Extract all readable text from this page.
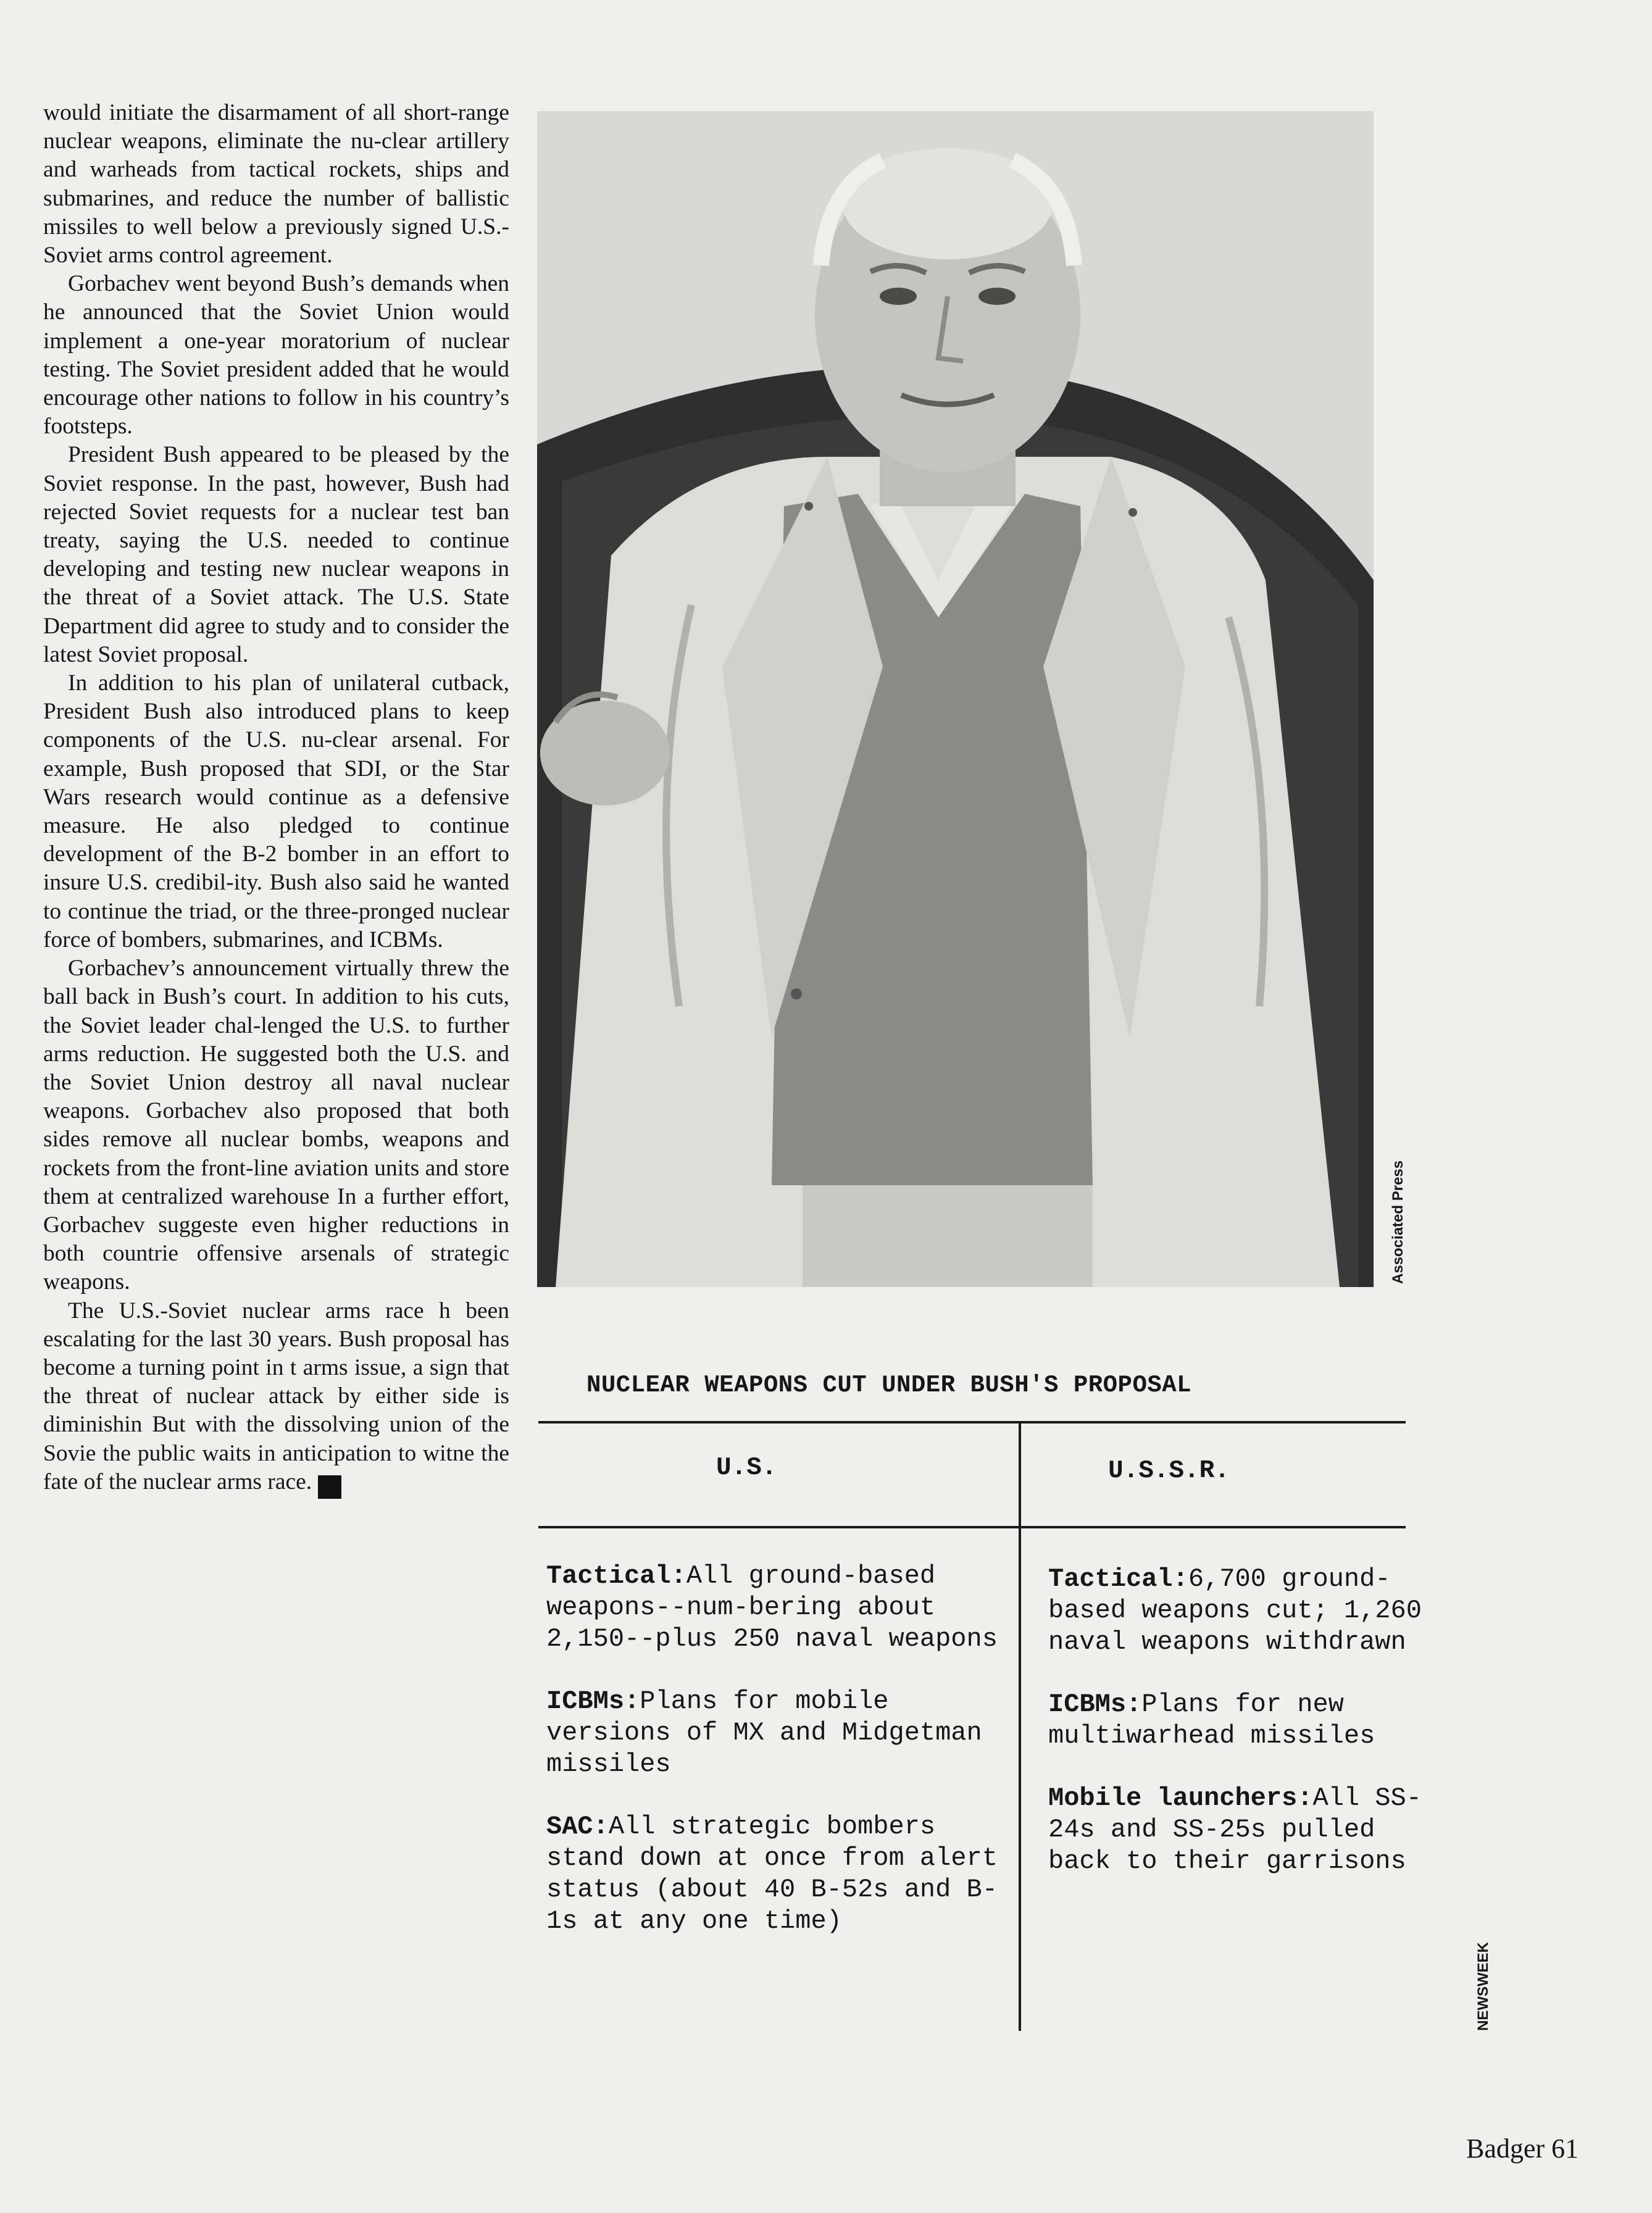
would initiate the disarmament of all short-range nuclear weapons, eliminate the nu-clear artillery and warheads from tactical rockets, ships and submarines, and reduce the number of ballistic missiles to well below a previously signed U.S.-Soviet arms control agreement.

Gorbachev went beyond Bush’s demands when he announced that the Soviet Union would implement a one-year moratorium of nuclear testing. The Soviet president added that he would encourage other nations to follow in his country’s footsteps.

President Bush appeared to be pleased by the Soviet response. In the past, however, Bush had rejected Soviet requests for a nuclear test ban treaty, saying the U.S. needed to continue developing and testing new nuclear weapons in the threat of a Soviet attack. The U.S. State Department did agree to study and to consider the latest Soviet proposal.

In addition to his plan of unilateral cutback, President Bush also introduced plans to keep components of the U.S. nu-clear arsenal. For example, Bush proposed that SDI, or the Star Wars research would continue as a defensive measure. He also pledged to continue development of the B-2 bomber in an effort to insure U.S. credibil-ity. Bush also said he wanted to continue the triad, or the three-pronged nuclear force of bombers, submarines, and ICBMs.

Gorbachev’s announcement virtually threw the ball back in Bush’s court. In addition to his cuts, the Soviet leader chal-lenged the U.S. to further arms reduction. He suggested both the U.S. and the Soviet Union destroy all naval nuclear weapons. Gorbachev also proposed that both sides remove all nuclear bombs, weapons and rockets from the front-line aviation units and store them at centralized warehouse In a further effort, Gorbachev suggeste even higher reductions in both countrie offensive arsenals of strategic weapons.

The U.S.-Soviet nuclear arms race h been escalating for the last 30 years. Bush proposal has become a turning point in t arms issue, a sign that the threat of nuclear attack by either side is diminishin But with the dissolving union of the Sovie the public waits in anticipation to witne the fate of the nuclear arms race. B

Associated Press
NUCLEAR WEAPONS CUT UNDER BUSH'S PROPOSAL
U.S.	U.S.S.R.
Tactical:All ground-based weapons--num-bering about 2,150--plus 250 naval weapons
ICBMs:Plans for mobile versions of MX and Midgetman missiles
SAC:All strategic bombers stand down at once from alert status (about 40 B-52s and B-1s at any one time)
Tactical:6,700 ground-based weapons cut; 1,260 naval weapons withdrawn
ICBMs:Plans for new multiwarhead missiles
Mobile launchers:All SS-24s and SS-25s pulled back to their garrisons
NEWSWEEK
Badger 61
